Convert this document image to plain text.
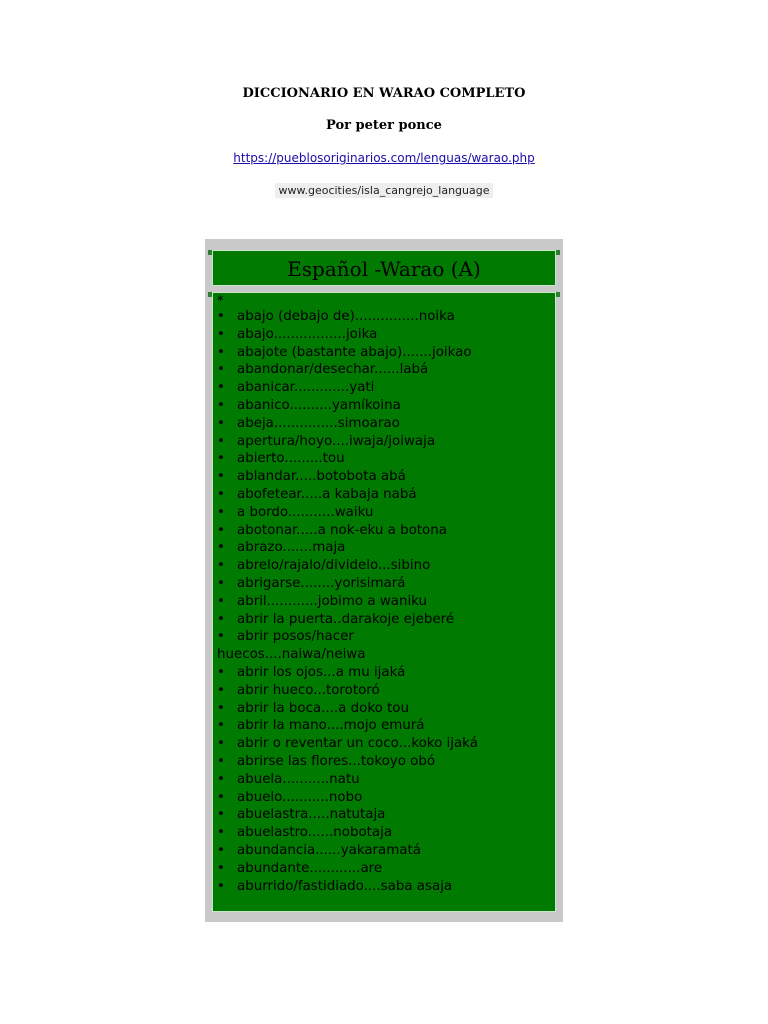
DICCIONARIO EN WARAO COMPLETO
Por peter ponce
https://pueblosoriginarios.com/lenguas/warao.php
www.geocities/isla_cangrejo_language
Español -Warao (A)
*
• abajo (debajo de)...............noika
• abajo.................joika
• abajote (bastante abajo).......joikao
• abandonar/desechar......labá
• abanicar.............yati
• abanico..........yamíkoina
• abeja...............simoarao
• apertura/hoyo....iwaja/joiwaja
• abierto.........tou
• ablandar.....botobota abá
• abofetear.....a kabaja nabá
• a bordo...........waiku
• abotonar.....a nok-eku a botona
• abrazo.......maja
• abrelo/rajalo/dividelo...sibino
• abrigarse........yorisimará
• abril............jobimo a waniku
• abrir la puerta..darakoje ejeberé
• abrir posos/hacer
huecos....naiwa/neiwa
• abrir los ojos...a mu ijaká
• abrir hueco...torotoró
• abrir la boca....a doko tou
• abrir la mano....mojo emurá
• abrir o reventar un coco...koko ijaká
• abrirse las flores...tokoyo obó
• abuela...........natu
• abuelo...........nobo
• abuelastra.....natutaja
• abuelastro......nobotaja
• abundancia......yakaramatá
• abundante............are
• aburrido/fastidiado....saba asaja
